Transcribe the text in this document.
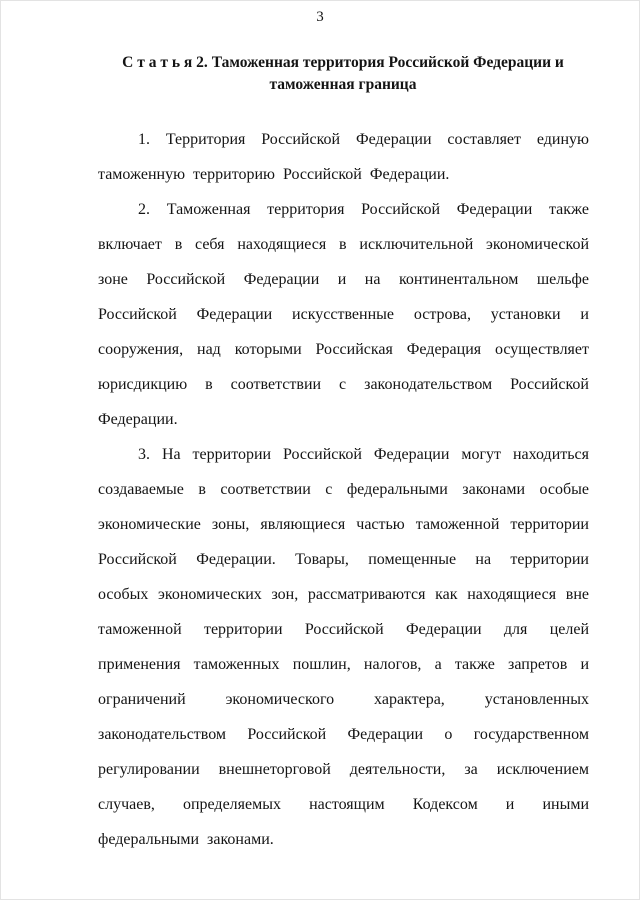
3
С т а т ь я 2. Таможенная территория Российской Федерации и таможенная граница

1. Территория Российской Федерации составляет единую таможенную территорию Российской Федерации.

2. Таможенная территория Российской Федерации также включает в себя находящиеся в исключительной экономической зоне Российской Федерации и на континентальном шельфе Российской Федерации искусственные острова, установки и сооружения, над которыми Российская Федерация осуществляет юрисдикцию в соответствии с законодательством Российской Федерации.

3. На территории Российской Федерации могут находиться создаваемые в соответствии с федеральными законами особые экономические зоны, являющиеся частью таможенной территории Российской Федерации. Товары, помещенные на территории особых экономических зон, рассматриваются как находящиеся вне таможенной территории Российской Федерации для целей применения таможенных пошлин, налогов, а также запретов и ограничений экономического характера, установленных законодательством Российской Федерации о государственном регулировании внешнеторговой деятельности, за исключением случаев, определяемых настоящим Кодексом и иными федеральными законами.
